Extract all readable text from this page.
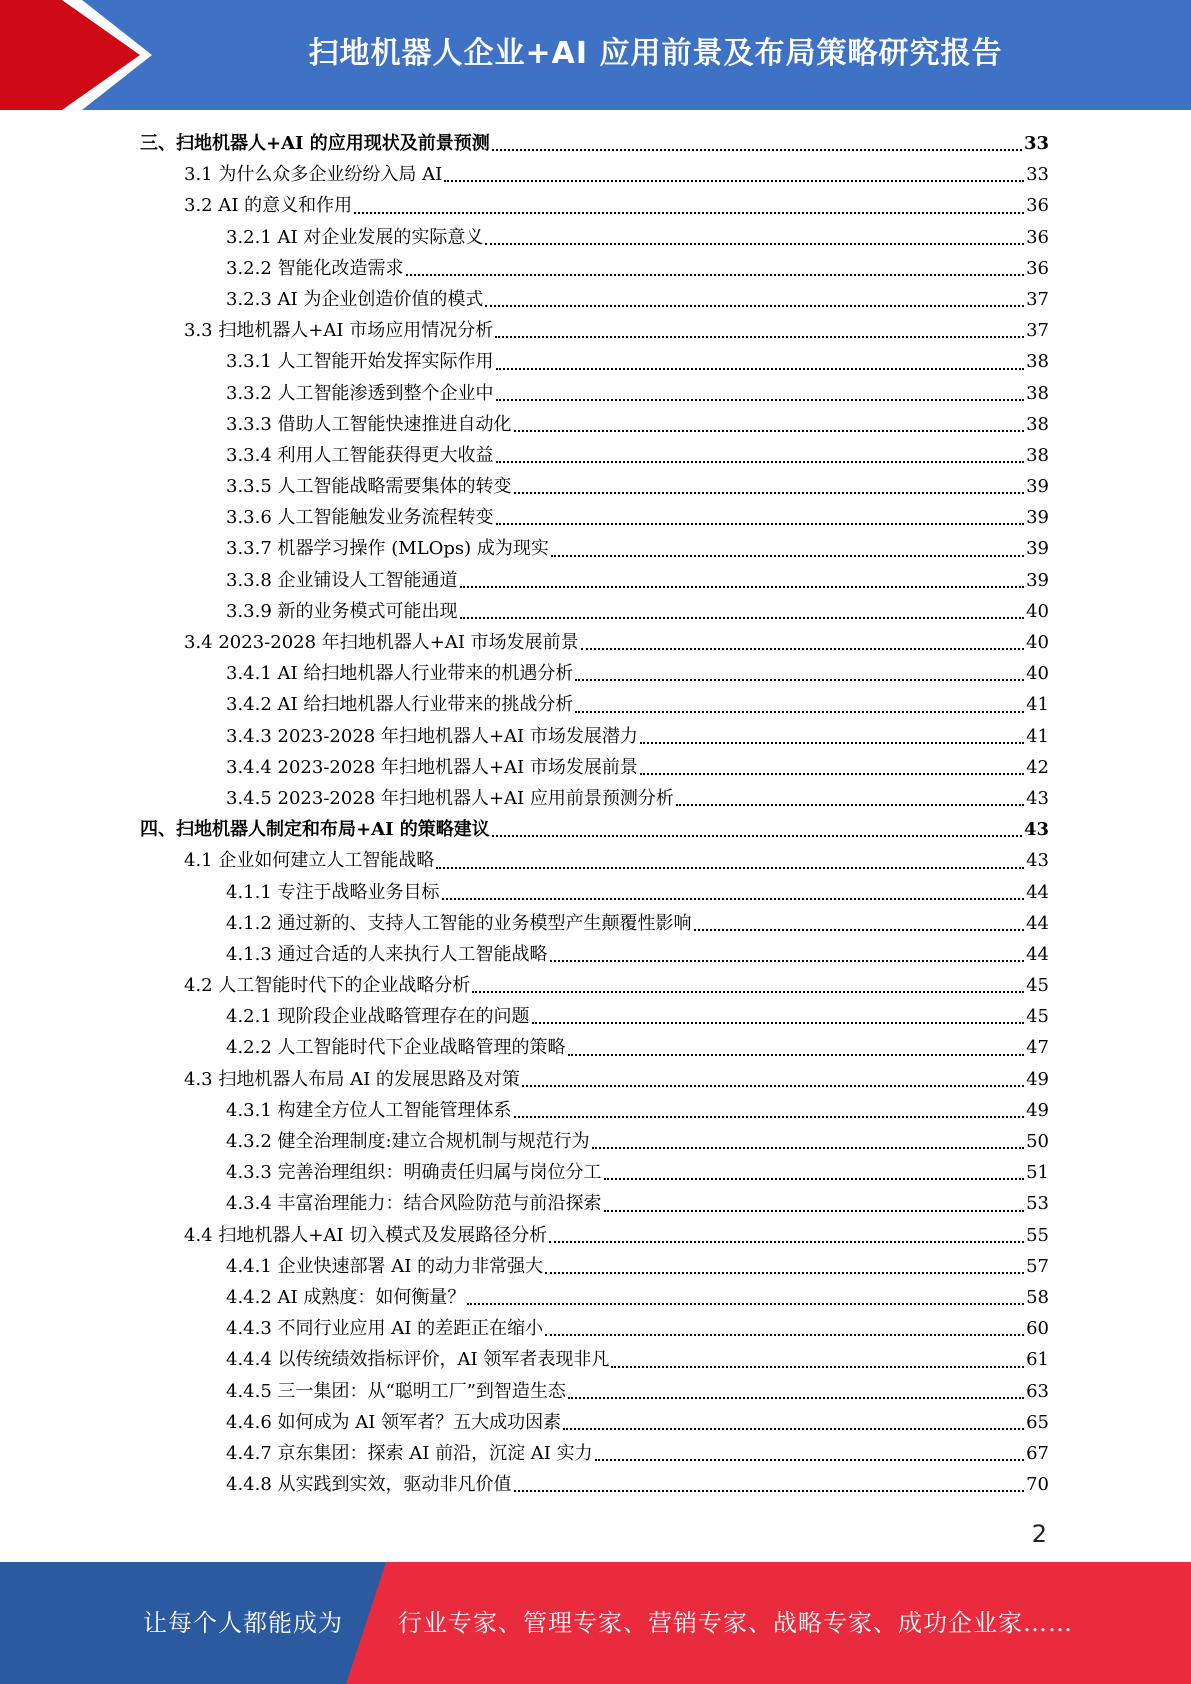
扫地机器人企业+AI 应用前景及布局策略研究报告
三、扫地机器人+AI 的应用现状及前景预测	33
3.1 为什么众多企业纷纷入局 AI	33
3.2 AI 的意义和作用	36
3.2.1 AI 对企业发展的实际意义	36
3.2.2 智能化改造需求	36
3.2.3 AI 为企业创造价值的模式	37
3.3 扫地机器人+AI 市场应用情况分析	37
3.3.1 人工智能开始发挥实际作用	38
3.3.2 人工智能渗透到整个企业中	38
3.3.3 借助人工智能快速推进自动化	38
3.3.4 利用人工智能获得更大收益	38
3.3.5 人工智能战略需要集体的转变	39
3.3.6 人工智能触发业务流程转变	39
3.3.7 机器学习操作 (MLOps) 成为现实	39
3.3.8 企业铺设人工智能通道	39
3.3.9 新的业务模式可能出现	40
3.4 2023-2028 年扫地机器人+AI 市场发展前景	40
3.4.1 AI 给扫地机器人行业带来的机遇分析	40
3.4.2 AI 给扫地机器人行业带来的挑战分析	41
3.4.3 2023-2028 年扫地机器人+AI 市场发展潜力	41
3.4.4 2023-2028 年扫地机器人+AI 市场发展前景	42
3.4.5 2023-2028 年扫地机器人+AI 应用前景预测分析	43
四、扫地机器人制定和布局+AI 的策略建议	43
4.1 企业如何建立人工智能战略	43
4.1.1 专注于战略业务目标	44
4.1.2 通过新的、支持人工智能的业务模型产生颠覆性影响	44
4.1.3 通过合适的人来执行人工智能战略	44
4.2 人工智能时代下的企业战略分析	45
4.2.1 现阶段企业战略管理存在的问题	45
4.2.2 人工智能时代下企业战略管理的策略	47
4.3 扫地机器人布局 AI 的发展思路及对策	49
4.3.1 构建全方位人工智能管理体系	49
4.3.2 健全治理制度:建立合规机制与规范行为	50
4.3.3 完善治理组织：明确责任归属与岗位分工	51
4.3.4 丰富治理能力：结合风险防范与前沿探索	53
4.4 扫地机器人+AI 切入模式及发展路径分析	55
4.4.1 企业快速部署 AI 的动力非常强大	57
4.4.2 AI 成熟度：如何衡量？	58
4.4.3 不同行业应用 AI 的差距正在缩小	60
4.4.4 以传统绩效指标评价，AI 领军者表现非凡	61
4.4.5 三一集团：从“聪明工厂”到智造生态	63
4.4.6 如何成为 AI 领军者？五大成功因素	65
4.4.7 京东集团：探索 AI 前沿，沉淀 AI 实力	67
4.4.8 从实践到实效，驱动非凡价值	70
2
让每个人都能成为 行业专家、管理专家、营销专家、战略专家、成功企业家……
